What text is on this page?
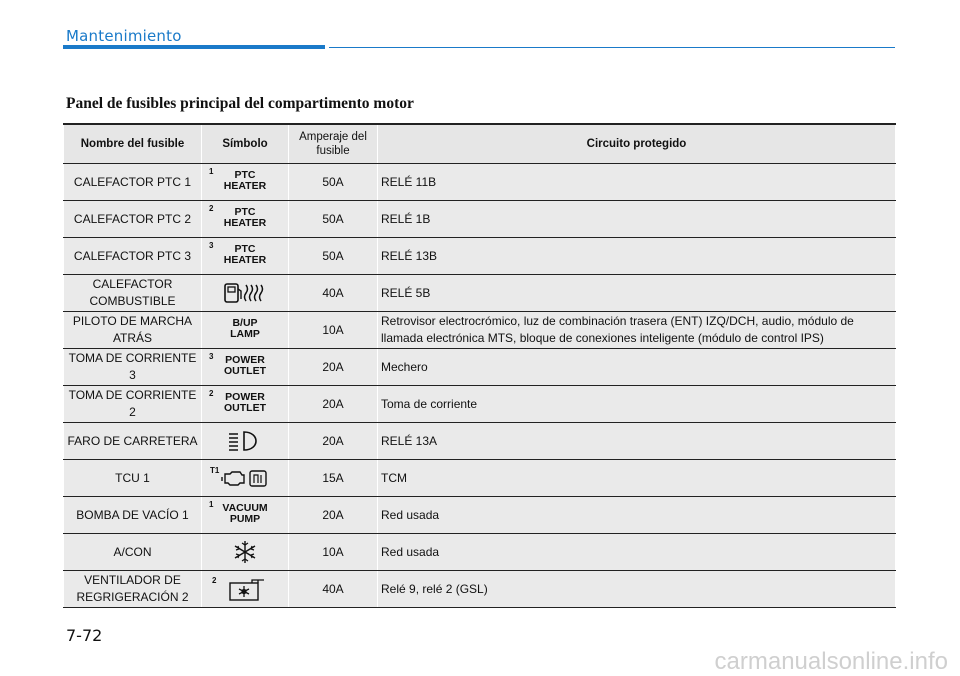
Mantenimiento
Panel de fusibles principal del compartimento motor
Nombre del fusible	Símbolo	Amperaje del fusible	Circuito protegido
CALEFACTOR PTC 1	1 PTC HEATER	50A	RELÉ 11B
CALEFACTOR PTC 2	2 PTC HEATER	50A	RELÉ 1B
CALEFACTOR PTC 3	3 PTC HEATER	50A	RELÉ 13B
CALEFACTOR COMBUSTIBLE		40A	RELÉ 5B
PILOTO DE MARCHA ATRÁS	B/UP LAMP	10A	Retrovisor electrocrómico, luz de combinación trasera (ENT) IZQ/DCH, audio, módulo de llamada electrónica MTS, bloque de conexiones inteligente (módulo de control IPS)
TOMA DE CORRIENTE 3	3 POWER OUTLET	20A	Mechero
TOMA DE CORRIENTE 2	2 POWER OUTLET	20A	Toma de corriente
FARO DE CARRETERA		20A	RELÉ 13A
TCU 1	T1	15A	TCM
BOMBA DE VACÍO 1	1 VACUUM PUMP	20A	Red usada
A/CON		10A	Red usada
VENTILADOR DE REGRIGERACIÓN 2	2	40A	Relé 9, relé 2 (GSL)
7-72
carmanualsonline.info
